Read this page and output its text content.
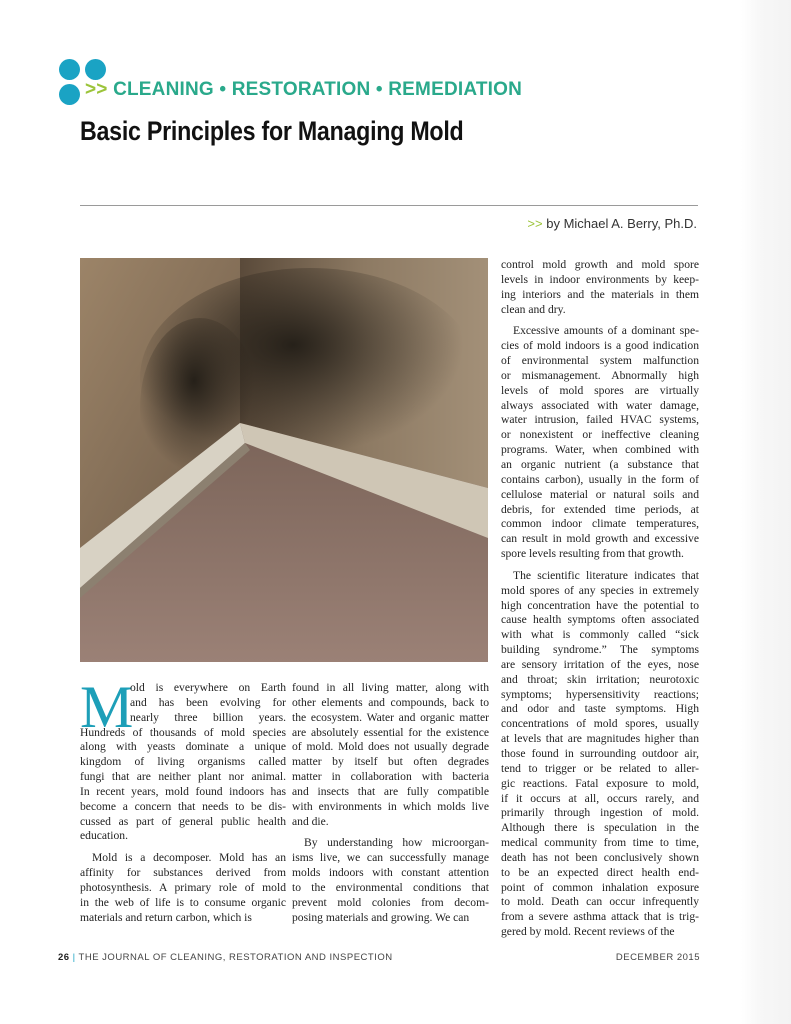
>> CLEANING • RESTORATION • REMEDIATION
Basic Principles for Managing Mold
>> by Michael A. Berry, Ph.D.
M
old is everywhere on Earth
and has been evolving for
nearly three billion years.
Hundreds of thousands of mold species
along with yeasts dominate a unique
kingdom of living organisms called
fungi that are neither plant nor animal.
In recent years, mold found indoors has
become a concern that needs to be dis-
cussed as part of general public health
education.
Mold is a decomposer. Mold has an
affinity for substances derived from
photosynthesis. A primary role of mold
in the web of life is to consume organic
materials and return carbon, which is
found in all living matter, along with
other elements and compounds, back to
the ecosystem. Water and organic matter
are absolutely essential for the existence
of mold. Mold does not usually degrade
matter by itself but often degrades
matter in collaboration with bacteria
and insects that are fully compatible
with environments in which molds live
and die.
By understanding how microorgan-
isms live, we can successfully manage
molds indoors with constant attention
to the environmental conditions that
prevent mold colonies from decom-
posing materials and growing. We can
control mold growth and mold spore
levels in indoor environments by keep-
ing interiors and the materials in them
clean and dry.
Excessive amounts of a dominant spe-
cies of mold indoors is a good indication
of environmental system malfunction
or mismanagement. Abnormally high
levels of mold spores are virtually
always associated with water damage,
water intrusion, failed HVAC systems,
or nonexistent or ineffective cleaning
programs. Water, when combined with
an organic nutrient (a substance that
contains carbon), usually in the form of
cellulose material or natural soils and
debris, for extended time periods, at
common indoor climate temperatures,
can result in mold growth and excessive
spore levels resulting from that growth.
The scientific literature indicates that
mold spores of any species in extremely
high concentration have the potential to
cause health symptoms often associated
with what is commonly called “sick
building syndrome.” The symptoms
are sensory irritation of the eyes, nose
and throat; skin irritation; neurotoxic
symptoms; hypersensitivity reactions;
and odor and taste symptoms. High
concentrations of mold spores, usually
at levels that are magnitudes higher than
those found in surrounding outdoor air,
tend to trigger or be related to aller-
gic reactions. Fatal exposure to mold,
if it occurs at all, occurs rarely, and
primarily through ingestion of mold.
Although there is speculation in the
medical community from time to time,
death has not been conclusively shown
to be an expected direct health end-
point of common inhalation exposure
to mold. Death can occur infrequently
from a severe asthma attack that is trig-
gered by mold. Recent reviews of the
26 | THE JOURNAL OF CLEANING, RESTORATION AND INSPECTION	DECEMBER 2015
